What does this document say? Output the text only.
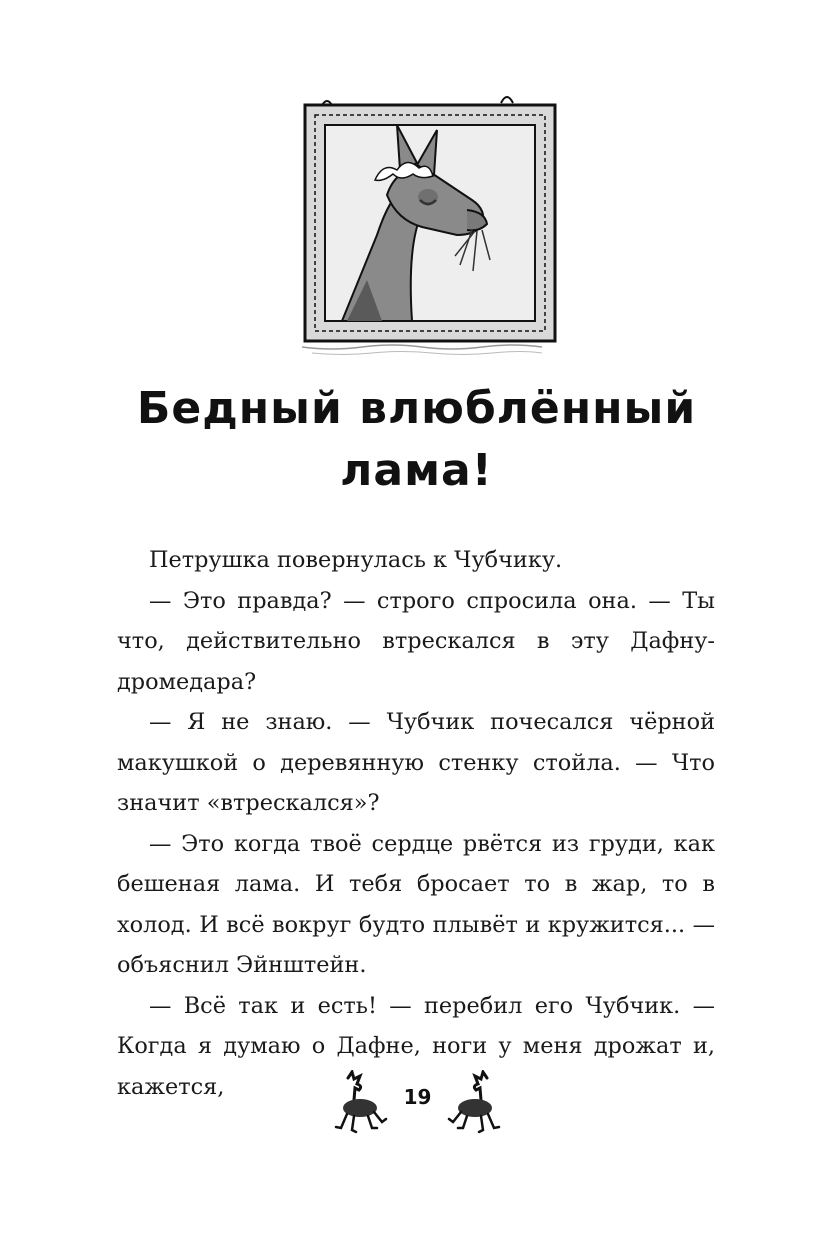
Бедный влюблённый
лама!

Петрушка повернулась к Чубчику.

— Это правда? — строго спросила она. — Ты что, действительно втрескался в эту Дафну-дромедара?

— Я не знаю. — Чубчик почесался чёрной макушкой о деревянную стенку стойла. — Что значит «втрескался»?

— Это когда твоё сердце рвётся из груди, как бешеная лама. И тебя бросает то в жар, то в холод. И всё вокруг будто плывёт и кружится... — объяснил Эйнштейн.

— Всё так и есть! — перебил его Чубчик. — Когда я думаю о Дафне, ноги у меня дрожат и, кажется,	19
